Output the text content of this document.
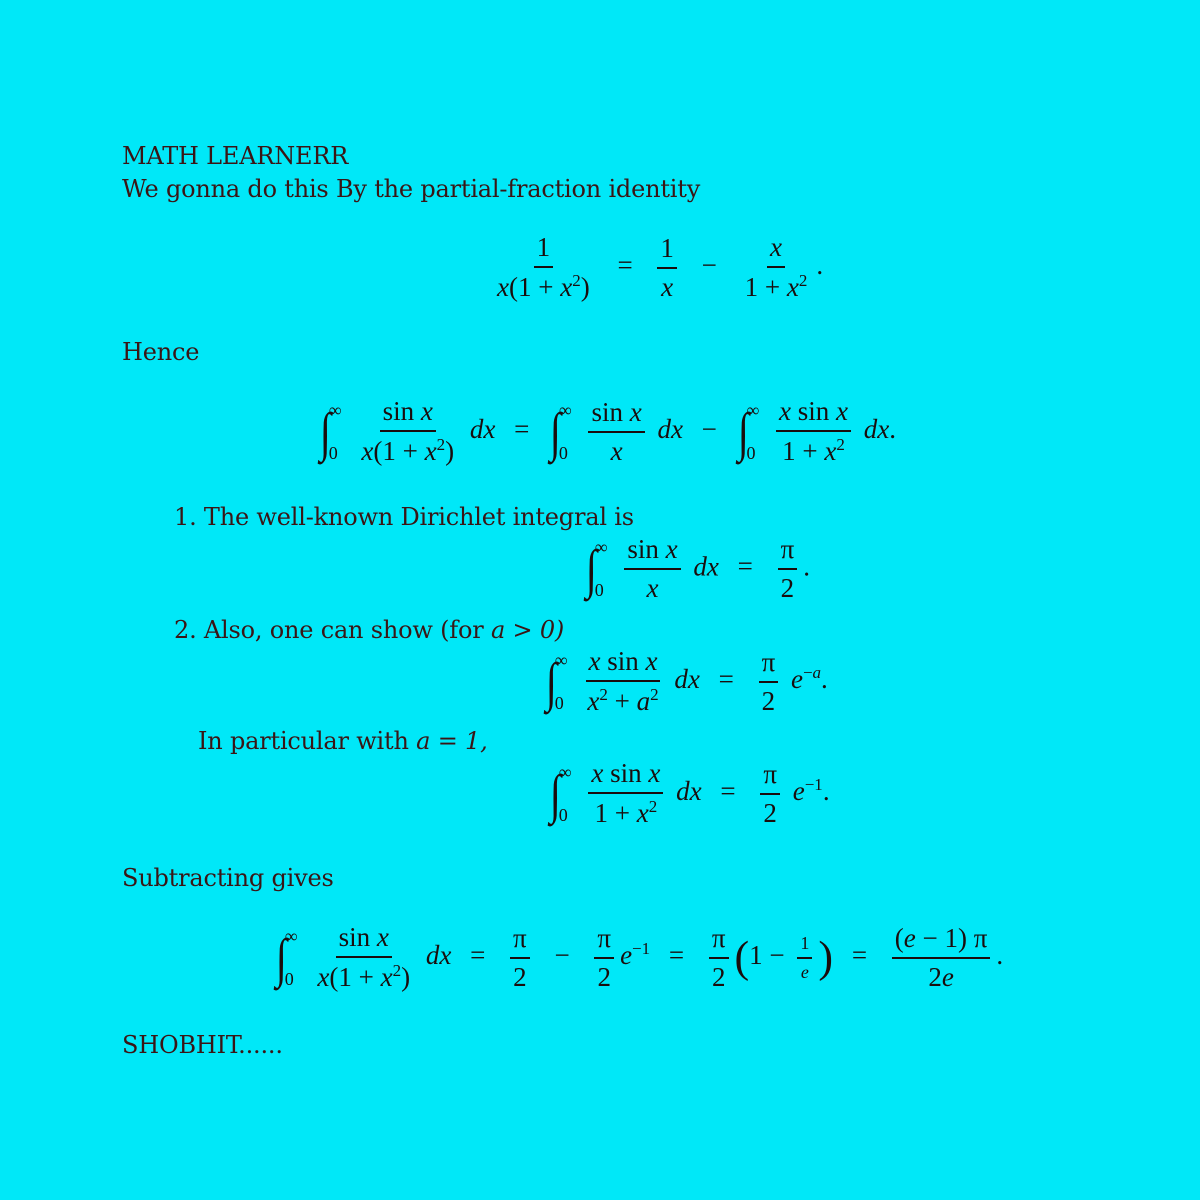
MATH LEARNERR
We gonna do this By the partial-fraction identity
Hence
1. The well-known Dirichlet integral is
2. Also, one can show (for a > 0)
In particular with a = 1,
Subtracting gives
SHOBHIT......
$\frac{1}{x(1 + x^2)} = \frac{1}{x} - \frac{x}{1 + x^2}$ .
∫
∞
0
$\frac{\text{sin x}}{x(1 + x^2)}$ dx = ∫
∞
0
$\frac{\text{sin x}}{x}$ dx − ∫
∞
0
$\frac{\text{x sin x}}{1 + x^2}$ dx.
∫
∞
0
$\frac{\text{sin x}}{x}$ dx = $\frac{\pi}{2}$ .
∫
∞
0
$\frac{\text{x sin x}}{x^2 + a^2}$ dx = $\frac{\pi}{2} e^{-a}$.
∫
∞
0
$\frac{\text{x sin x}}{1 + x^2}$ dx = $\frac{\pi}{2} e^{-1}$.
∫
∞
0
$\frac{\text{sin x}}{x(1 + x^2)}$ dx = $\frac{\pi}{2} - \frac{\pi}{2} e^{-1} = \frac{\pi}{2} (1 - \frac{1}{e}$ ) = $\frac{(e - 1) \pi}{2e}$ .
